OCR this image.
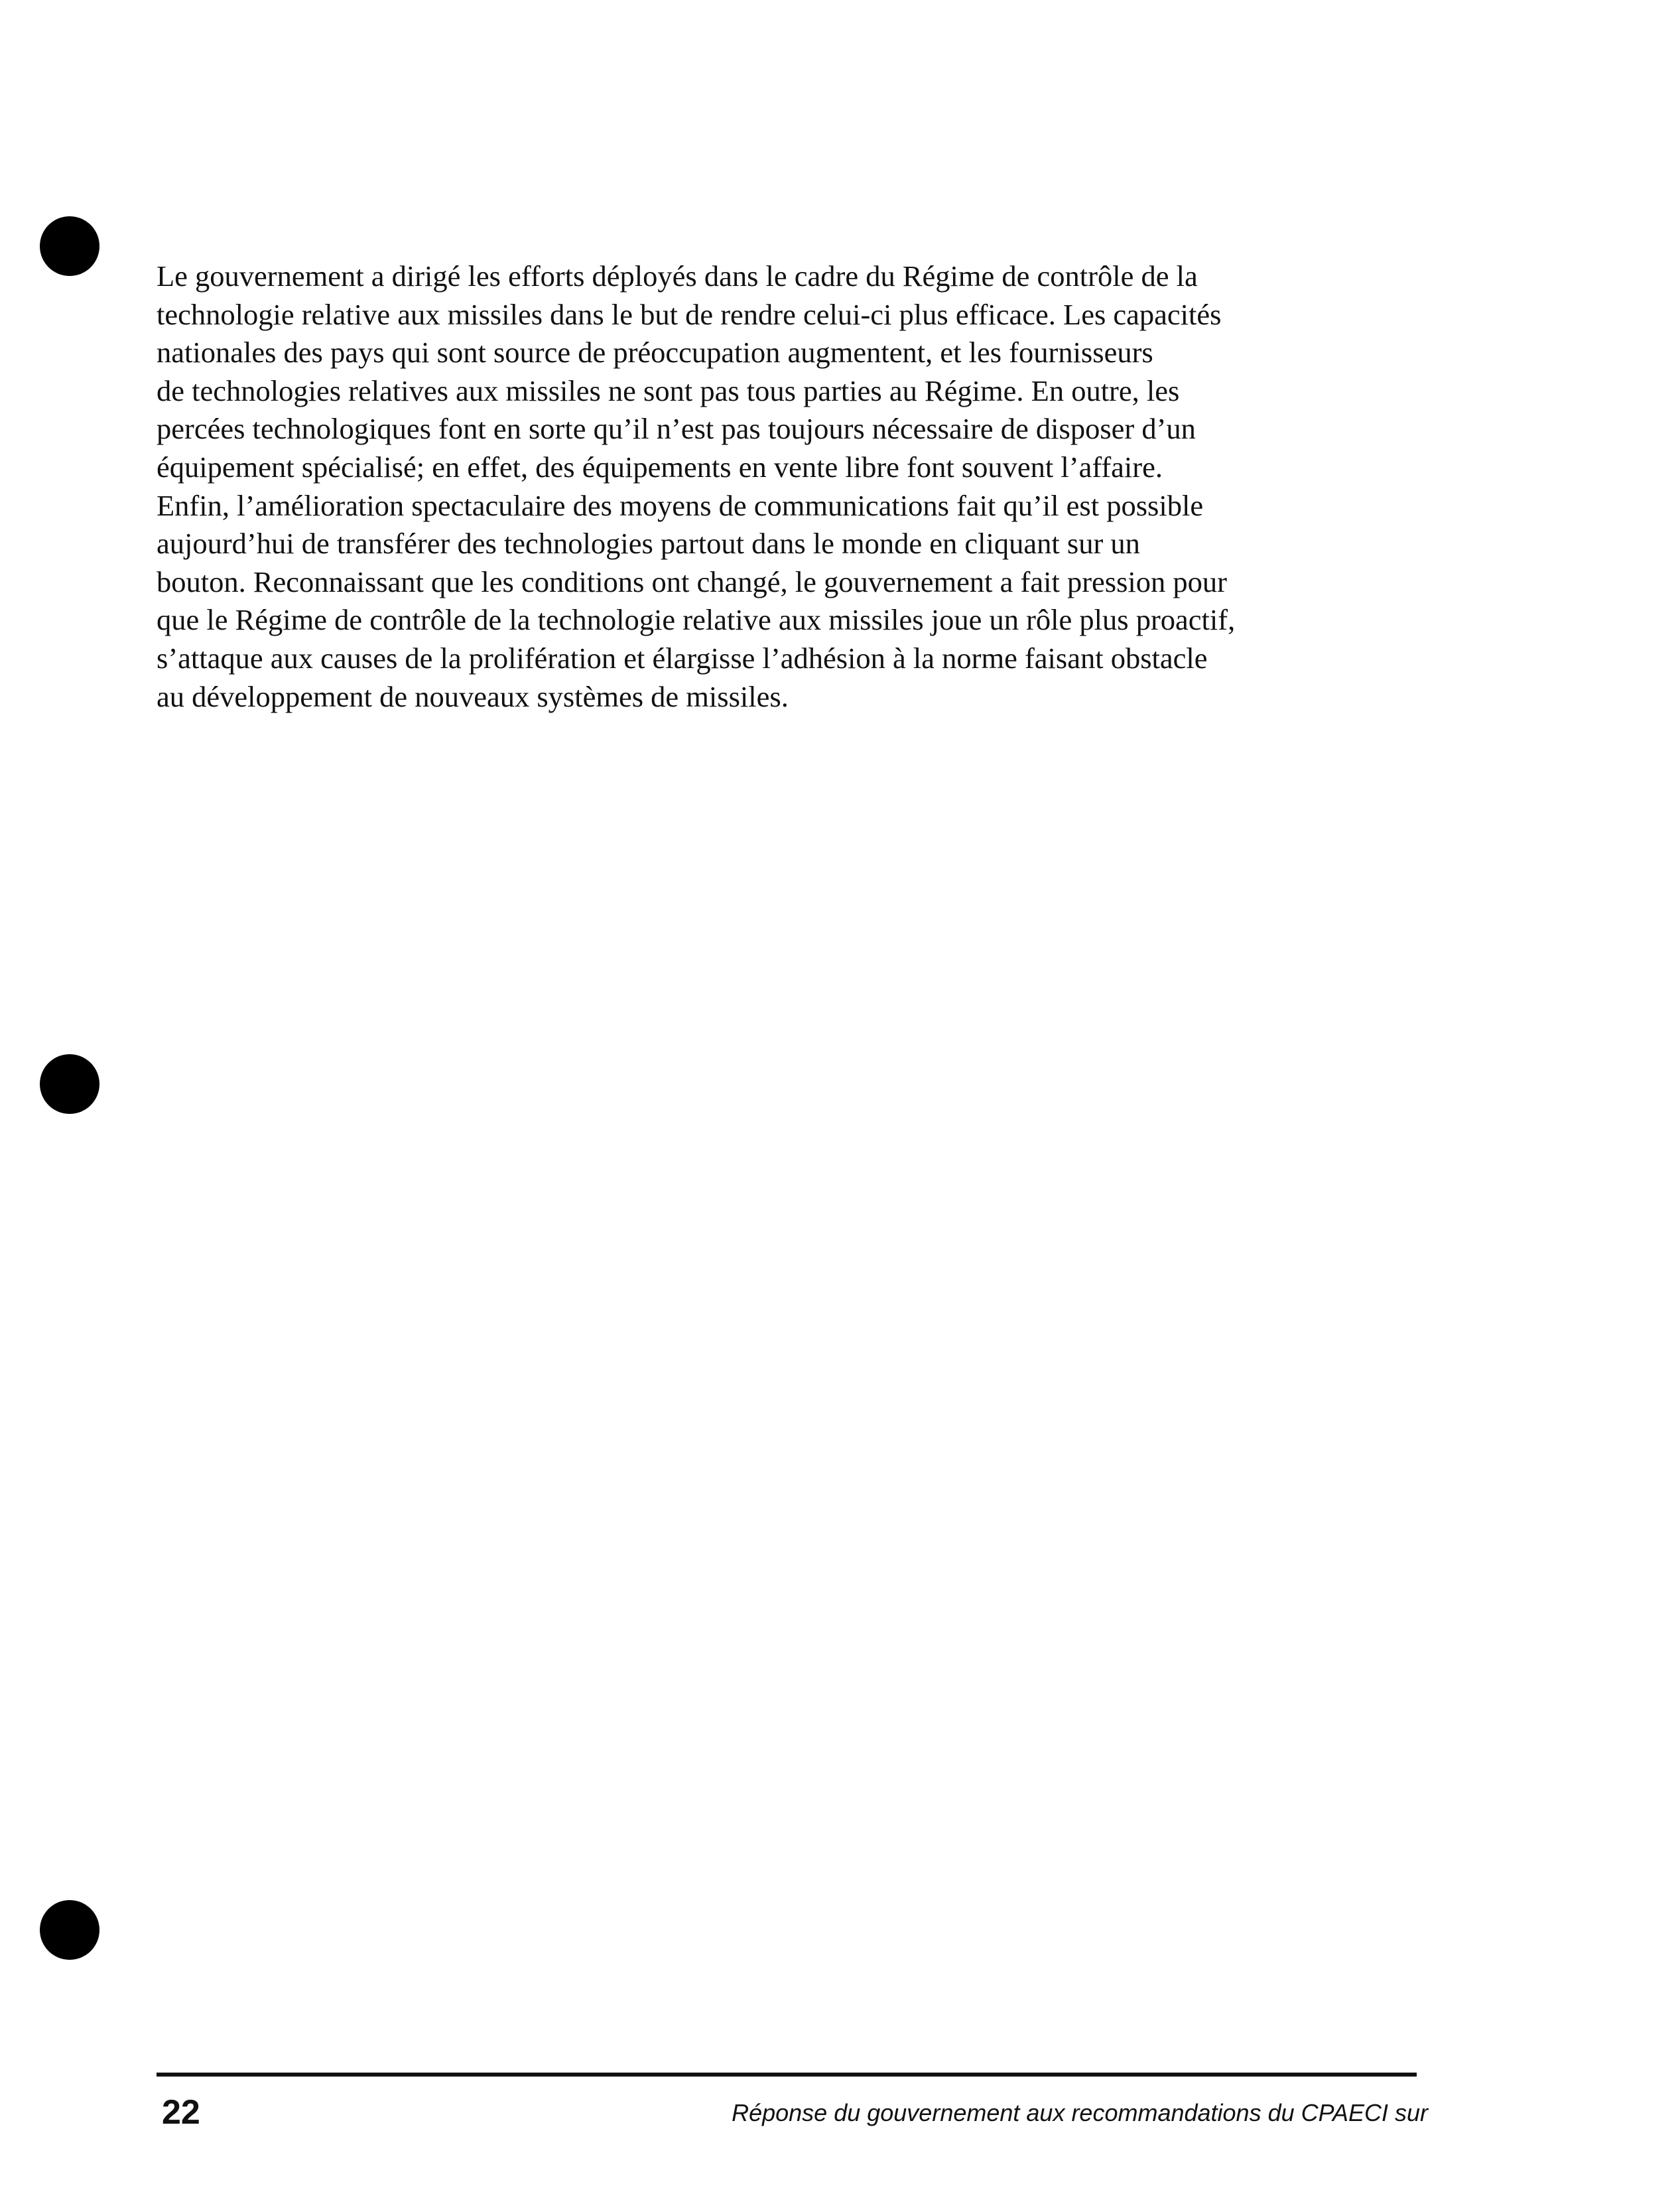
Le gouvernement a dirigé les efforts déployés dans le cadre du Régime de contrôle de la
technologie relative aux missiles dans le but de rendre celui-ci plus efficace. Les capacités
nationales des pays qui sont source de préoccupation augmentent, et les fournisseurs
de technologies relatives aux missiles ne sont pas tous parties au Régime. En outre, les
percées technologiques font en sorte qu’il n’est pas toujours nécessaire de disposer d’un
équipement spécialisé; en effet, des équipements en vente libre font souvent l’affaire.
Enfin, l’amélioration spectaculaire des moyens de communications fait qu’il est possible
aujourd’hui de transférer des technologies partout dans le monde en cliquant sur un
bouton. Reconnaissant que les conditions ont changé, le gouvernement a fait pression pour
que le Régime de contrôle de la technologie relative aux missiles joue un rôle plus proactif,
s’attaque aux causes de la prolifération et élargisse l’adhésion à la norme faisant obstacle
au développement de nouveaux systèmes de missiles.

22	Réponse du gouvernement aux recommandations du CPAECI sur
